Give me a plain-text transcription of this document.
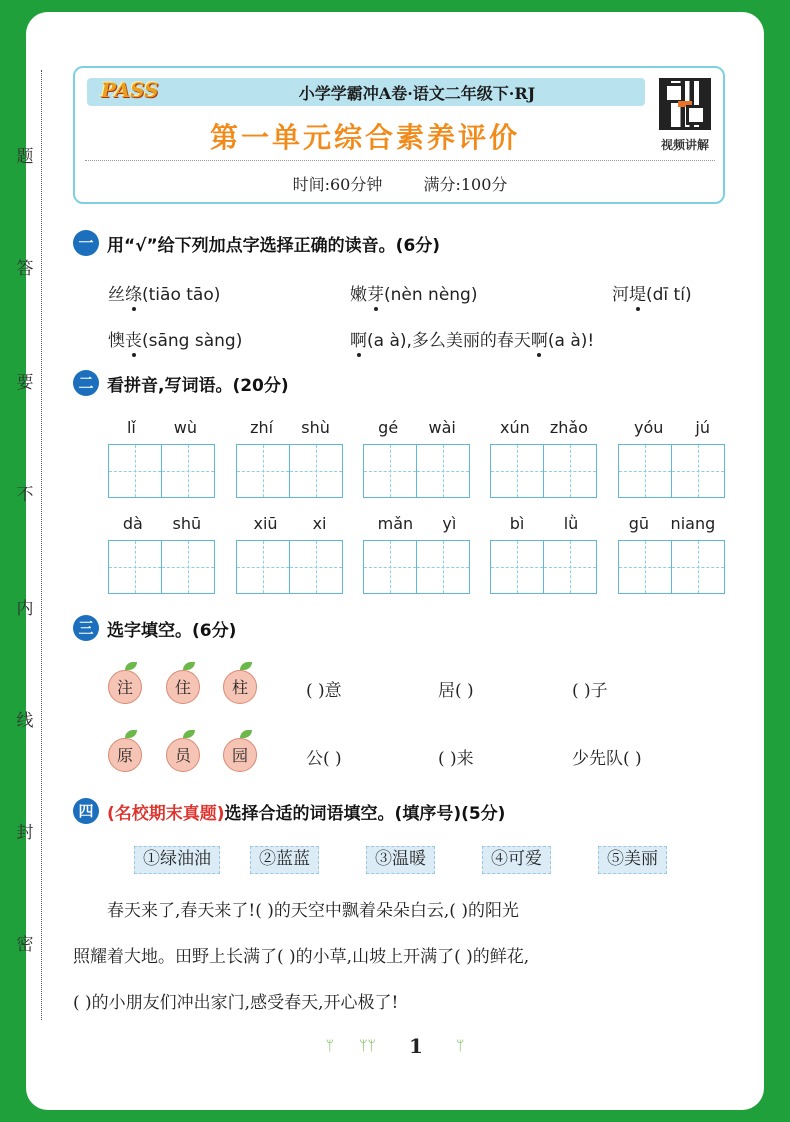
题
答
要
不
内
线
封
密
PASS	小学学霸冲A卷·语文二年级下·RJ
第一单元综合素养评价	视频讲解
时间:60分钟	满分:100分
一 用“√”给下列加点字选择正确的读音。(6分)
丝绦(tiāo tāo)	嫩芽(nèn nèng)	河堤(dī tí)
懊丧(sāng sàng)	啊(a à),多么美丽的春天啊(a à)!
二 看拼音,写词语。(20分)
lǐ wù	zhí shù	gé wài	xún zhǎo	yóu jú
dà shū	xiū xi	mǎn yì	bì lǜ	gū niang
三 选字填空。(6分)
注	住	柱	( )意	居( )	( )子
原	员	园	公( )	( )来	少先队( )
四 (名校期末真题)选择合适的词语填空。(填序号)(5分)
①绿油油	②蓝蓝	③温暖	④可爱	⑤美丽
春天来了,春天来了!( )的天空中飘着朵朵白云,( )的阳光
照耀着大地。田野上长满了( )的小草,山坡上开满了( )的鲜花,
( )的小朋友们冲出家门,感受春天,开心极了!
ᛘ ᛘᛘ 1 ᛘ
